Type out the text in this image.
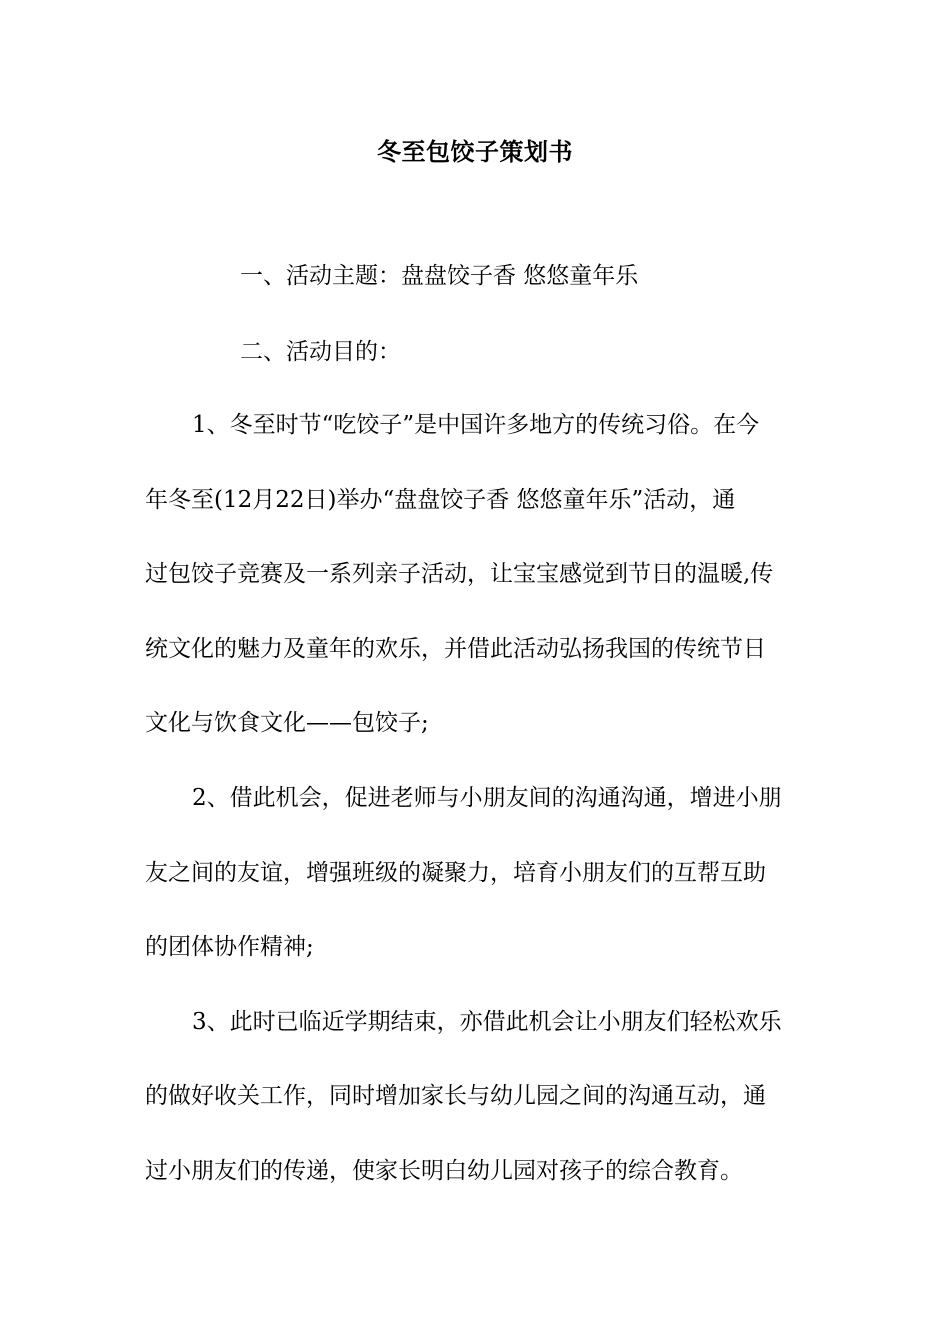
冬至包饺子策划书
一、活动主题：盘盘饺子香 悠悠童年乐
二、活动目的：
1、冬至时节“吃饺子”是中国许多地方的传统习俗。在今
年冬至(12月22日)举办“盘盘饺子香 悠悠童年乐”活动，通
过包饺子竞赛及一系列亲子活动，让宝宝感觉到节日的温暖,传
统文化的魅力及童年的欢乐，并借此活动弘扬我国的传统节日
文化与饮食文化——包饺子;
2、借此机会，促进老师与小朋友间的沟通沟通，增进小朋
友之间的友谊，增强班级的凝聚力，培育小朋友们的互帮互助
的团体协作精神;
3、此时已临近学期结束，亦借此机会让小朋友们轻松欢乐
的做好收关工作，同时增加家长与幼儿园之间的沟通互动，通
过小朋友们的传递，使家长明白幼儿园对孩子的综合教育。
